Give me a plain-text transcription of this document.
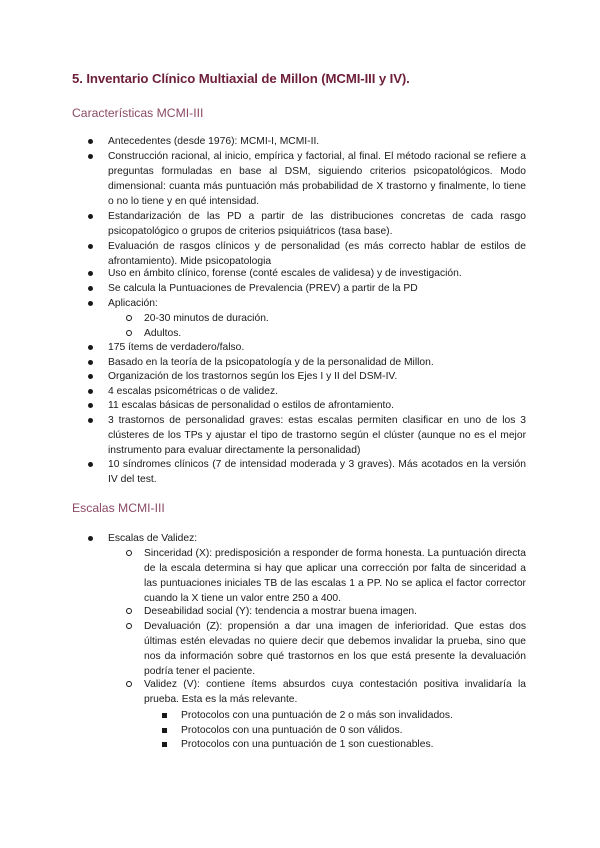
5. Inventario Clínico Multiaxial de Millon (MCMI-III y IV).
Características MCMI-III
Antecedentes (desde 1976): MCMI-I, MCMI-II.
Construcción racional, al inicio, empírica y factorial, al final. El método racional se refiere a preguntas formuladas en base al DSM, siguiendo criterios psicopatológicos. Modo dimensional: cuanta más puntuación más probabilidad de X trastorno y finalmente, lo tiene o no lo tiene y en qué intensidad.
Estandarización de las PD a partir de las distribuciones concretas de cada rasgo psicopatológico o grupos de criterios psiquiátricos (tasa base).
Evaluación de rasgos clínicos y de personalidad (es más correcto hablar de estilos de afrontamiento). Mide psicopatologia
Uso en ámbito clínico, forense (conté escales de validesa) y de investigación.
Se calcula la Puntuaciones de Prevalencia (PREV) a partir de la PD
Aplicación:
20-30 minutos de duración.
Adultos.
175 ítems de verdadero/falso.
Basado en la teoría de la psicopatología y de la personalidad de Millon.
Organización de los trastornos según los Ejes I y II del DSM-IV.
4 escalas psicométricas o de validez.
11 escalas básicas de personalidad o estilos de afrontamiento.
3 trastornos de personalidad graves: estas escalas permiten clasificar en uno de los 3 clústeres de los TPs y ajustar el tipo de trastorno según el clúster (aunque no es el mejor instrumento para evaluar directamente la personalidad)
10 síndromes clínicos (7 de intensidad moderada y 3 graves). Más acotados en la versión IV del test.
Escalas MCMI-III
Escalas de Validez:
Sinceridad (X): predisposición a responder de forma honesta. La puntuación directa de la escala determina si hay que aplicar una corrección por falta de sinceridad a las puntuaciones iniciales TB de las escalas 1 a PP. No se aplica el factor corrector cuando la X tiene un valor entre 250 a 400.
Deseabilidad social (Y): tendencia a mostrar buena imagen.
Devaluación (Z): propensión a dar una imagen de inferioridad. Que estas dos últimas estén elevadas no quiere decir que debemos invalidar la prueba, sino que nos da información sobre qué trastornos en los que está presente la devaluación podría tener el paciente.
Validez (V): contiene ítems absurdos cuya contestación positiva invalidaría la prueba. Esta es la más relevante.
Protocolos con una puntuación de 2 o más son invalidados.
Protocolos con una puntuación de 0 son válidos.
Protocolos con una puntuación de 1 son cuestionables.
